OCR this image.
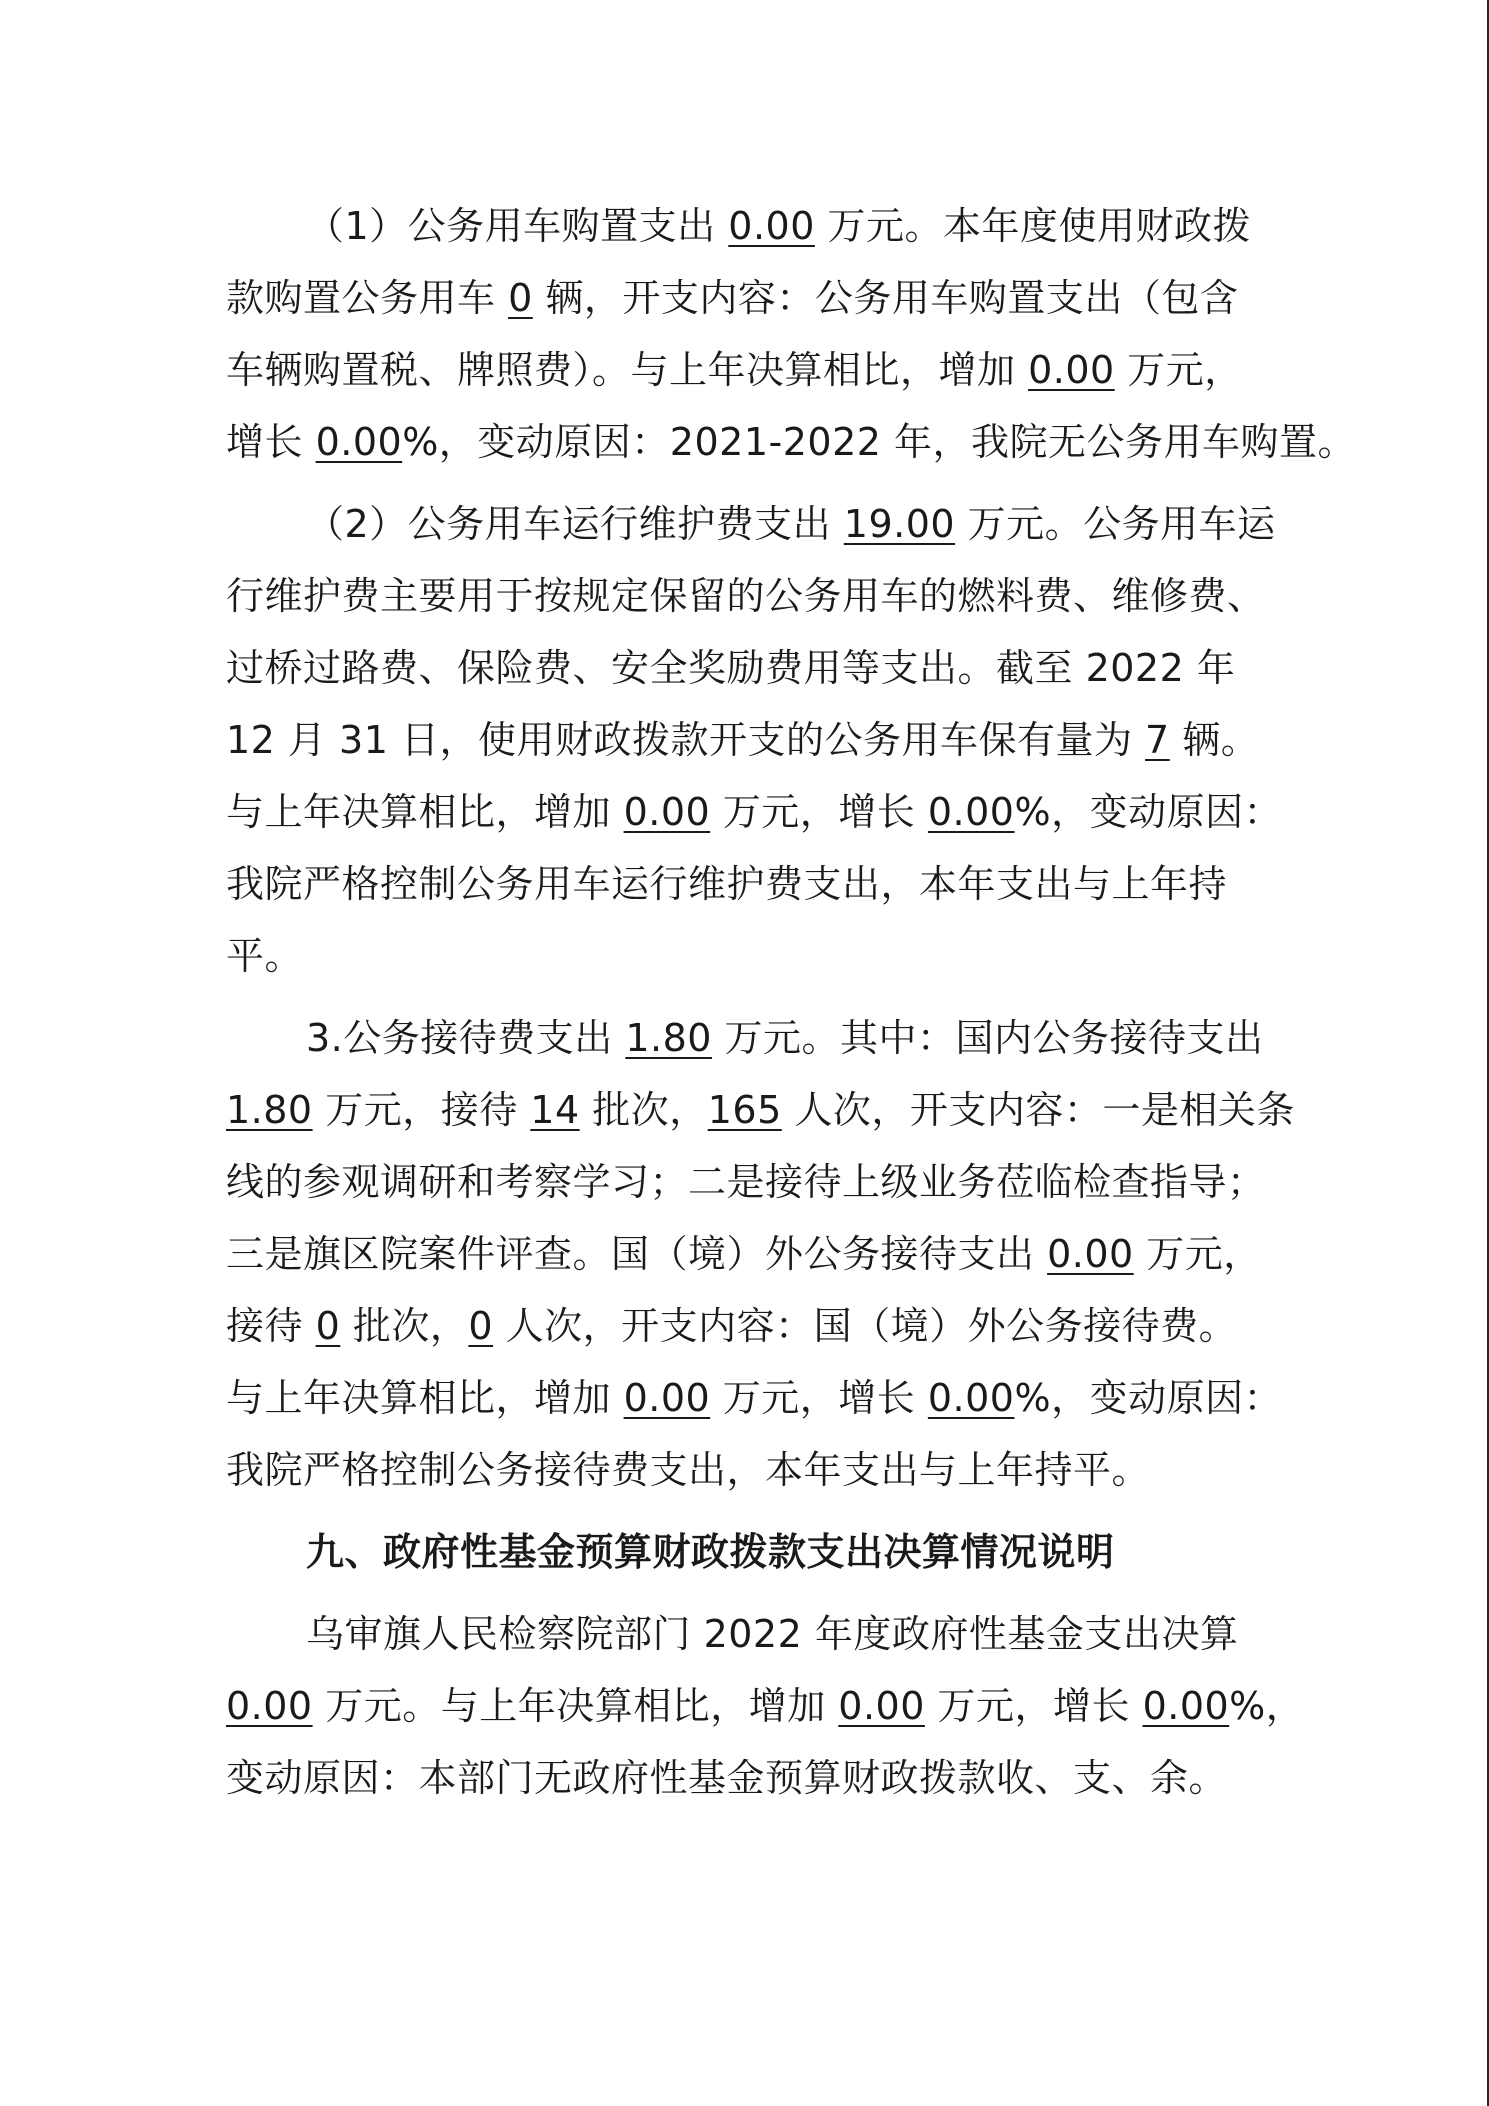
（1）公务用车购置支出 0.00 万元。本年度使用财政拨
款购置公务用车 0 辆，开支内容：公务用车购置支出（包含
车辆购置税、牌照费）。与上年决算相比，增加 0.00 万元，
增长 0.00%，变动原因：2021-2022 年，我院无公务用车购置。
（2）公务用车运行维护费支出 19.00 万元。公务用车运
行维护费主要用于按规定保留的公务用车的燃料费、维修费、
过桥过路费、保险费、安全奖励费用等支出。截至 2022 年
12 月 31 日，使用财政拨款开支的公务用车保有量为 7 辆。
与上年决算相比，增加 0.00 万元，增长 0.00%，变动原因：
我院严格控制公务用车运行维护费支出，本年支出与上年持
平。
3.公务接待费支出 1.80 万元。其中：国内公务接待支出
1.80 万元，接待 14 批次，165 人次，开支内容：一是相关条
线的参观调研和考察学习；二是接待上级业务莅临检查指导；
三是旗区院案件评查。国（境）外公务接待支出 0.00 万元，
接待 0 批次，0 人次，开支内容：国（境）外公务接待费。
与上年决算相比，增加 0.00 万元，增长 0.00%，变动原因：
我院严格控制公务接待费支出，本年支出与上年持平。
九、政府性基金预算财政拨款支出决算情况说明
乌审旗人民检察院部门 2022 年度政府性基金支出决算
0.00 万元。与上年决算相比，增加 0.00 万元，增长 0.00%，
变动原因：本部门无政府性基金预算财政拨款收、支、余。
